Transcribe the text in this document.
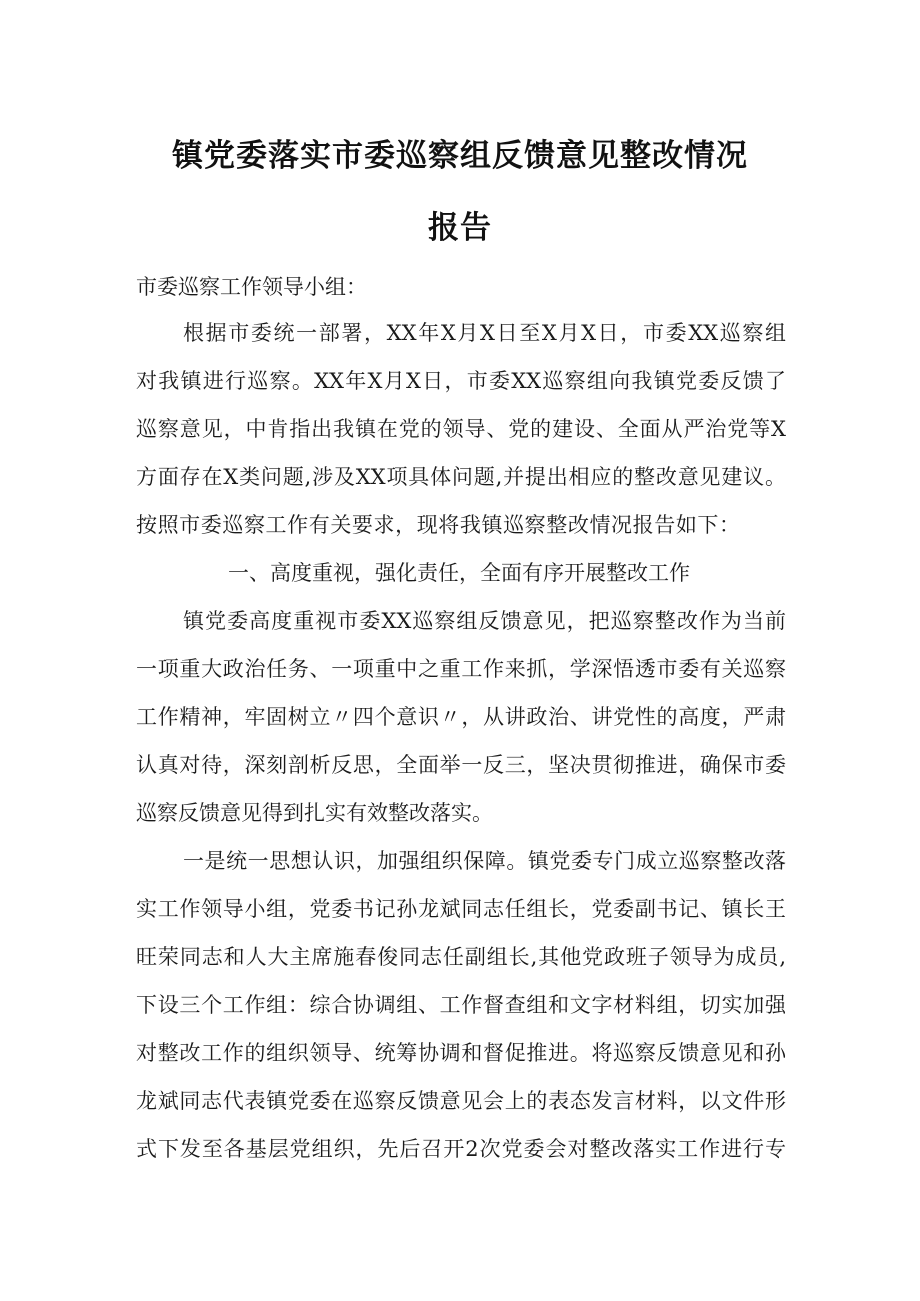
镇党委落实市委巡察组反馈意见整改情况
报告

市委巡察工作领导小组：

根据市委统一部署，XX年X月X日至X月X日，市委XX巡察组

对我镇进行巡察。XX年X月X日，市委XX巡察组向我镇党委反馈了

巡察意见，中肯指出我镇在党的领导、党的建设、全面从严治党等X

方面存在X类问题,涉及XX项具体问题,并提出相应的整改意见建议。

按照市委巡察工作有关要求，现将我镇巡察整改情况报告如下：

一、高度重视，强化责任，全面有序开展整改工作

镇党委高度重视市委XX巡察组反馈意见，把巡察整改作为当前

一项重大政治任务、一项重中之重工作来抓，学深悟透市委有关巡察

工作精神，牢固树立〃四个意识〃，从讲政治、讲党性的高度，严肃

认真对待，深刻剖析反思，全面举一反三，坚决贯彻推进，确保市委

巡察反馈意见得到扎实有效整改落实。

一是统一思想认识，加强组织保障。镇党委专门成立巡察整改落

实工作领导小组，党委书记孙龙斌同志任组长，党委副书记、镇长王

旺荣同志和人大主席施春俊同志任副组长,其他党政班子领导为成员,

下设三个工作组：综合协调组、工作督查组和文字材料组，切实加强

对整改工作的组织领导、统筹协调和督促推进。将巡察反馈意见和孙

龙斌同志代表镇党委在巡察反馈意见会上的表态发言材料，以文件形

式下发至各基层党组织，先后召开2次党委会对整改落实工作进行专
